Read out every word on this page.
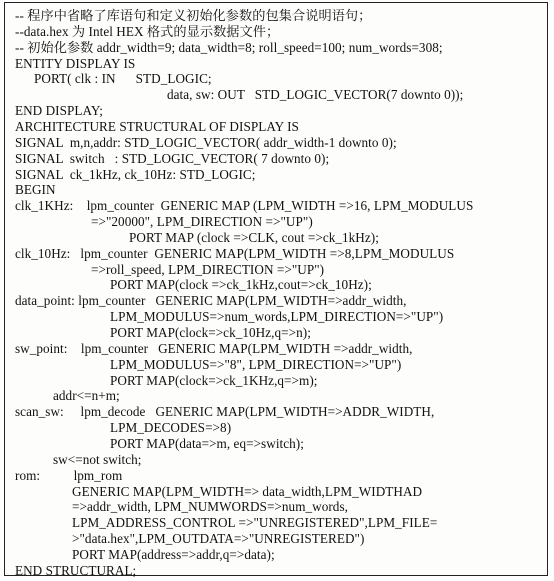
-- 程序中省略了库语句和定义初始化参数的包集合说明语句；
--data.hex 为 Intel HEX 格式的显示数据文件；
-- 初始化参数 addr_width=9; data_width=8; roll_speed=100; num_words=308;
ENTITY DISPLAY IS
PORT( clk : IN      STD_LOGIC;
data, sw: OUT   STD_LOGIC_VECTOR(7 downto 0));
END DISPLAY;
ARCHITECTURE STRUCTURAL OF DISPLAY IS
SIGNAL  m,n,addr: STD_LOGIC_VECTOR( addr_width-1 downto 0);
SIGNAL  switch   : STD_LOGIC_VECTOR( 7 downto 0);
SIGNAL  ck_1kHz, ck_10Hz: STD_LOGIC;
BEGIN
clk_1KHz:    lpm_counter  GENERIC MAP (LPM_WIDTH =>16, LPM_MODULUS
=>"20000", LPM_DIRECTION =>"UP")
PORT MAP (clock =>CLK, cout =>ck_1kHz);
clk_10Hz:   lpm_counter  GENERIC MAP(LPM_WIDTH =>8,LPM_MODULUS
=>roll_speed, LPM_DIRECTION =>"UP")
PORT MAP(clock =>ck_1kHz,cout=>ck_10Hz);
data_point: lpm_counter   GENERIC MAP(LPM_WIDTH=>addr_width,
LPM_MODULUS=>num_words,LPM_DIRECTION=>"UP")
PORT MAP(clock=>ck_10Hz,q=>n);
sw_point:    lpm_counter   GENERIC MAP(LPM_WIDTH =>addr_width,
LPM_MODULUS=>"8", LPM_DIRECTION=>"UP")
PORT MAP(clock=>ck_1KHz,q=>m);
addr<=n+m;
scan_sw:     lpm_decode   GENERIC MAP(LPM_WIDTH=>ADDR_WIDTH,
LPM_DECODES=>8)
PORT MAP(data=>m, eq=>switch);
sw<=not switch;
rom:          lpm_rom
GENERIC MAP(LPM_WIDTH=> data_width,LPM_WIDTHAD
=>addr_width, LPM_NUMWORDS=>num_words,
LPM_ADDRESS_CONTROL =>"UNREGISTERED",LPM_FILE=
>"data.hex",LPM_OUTDATA=>"UNREGISTERED")
PORT MAP(address=>addr,q=>data);
END STRUCTURAL;
